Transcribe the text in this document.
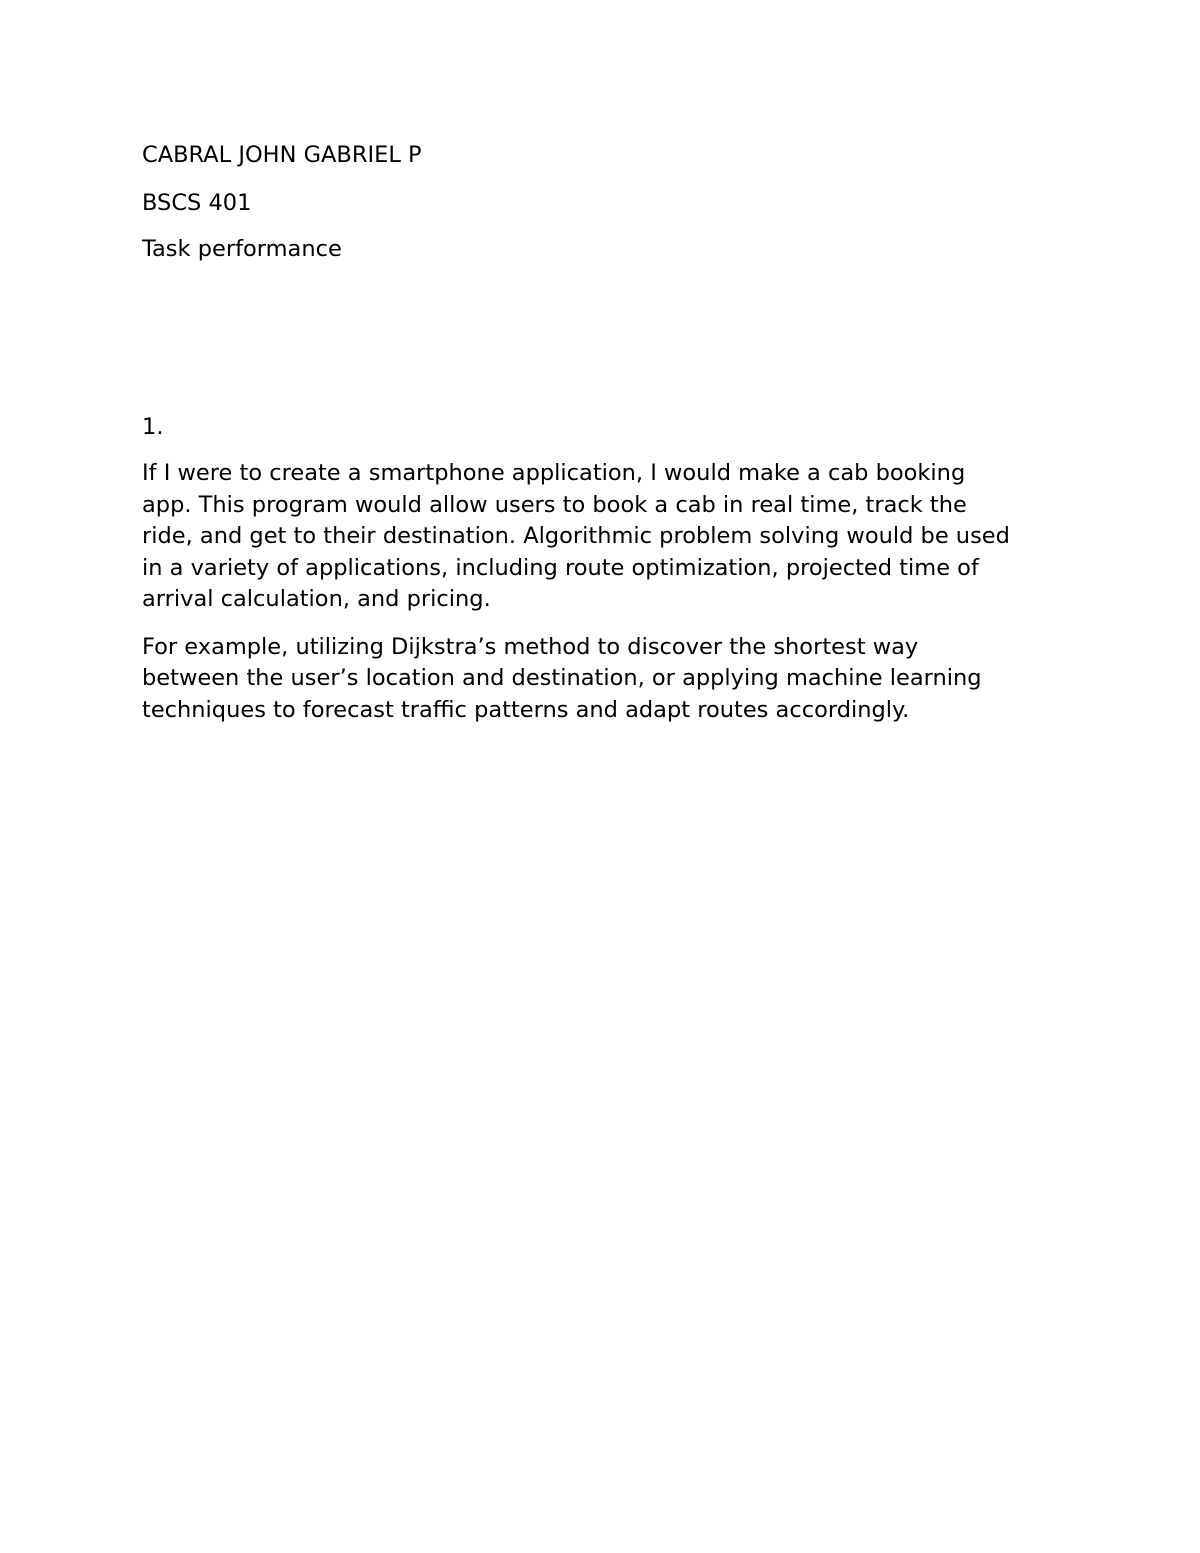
CABRAL JOHN GABRIEL P

BSCS 401

Task performance

1.

If I were to create a smartphone application, I would make a cab booking
app. This program would allow users to book a cab in real time, track the
ride, and get to their destination. Algorithmic problem solving would be used
in a variety of applications, including route optimization, projected time of
arrival calculation, and pricing.

For example, utilizing Dijkstra’s method to discover the shortest way
between the user’s location and destination, or applying machine learning
techniques to forecast traffic patterns and adapt routes accordingly.
